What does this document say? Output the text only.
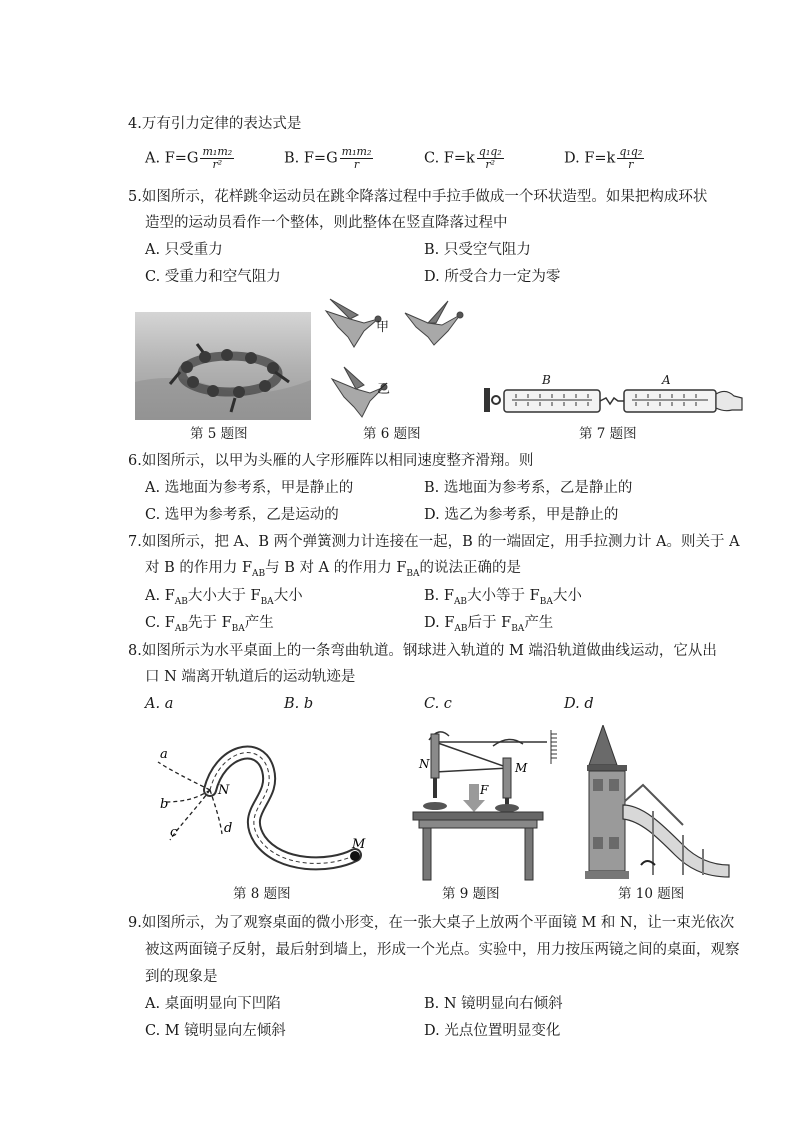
4.万有引力定律的表达式是
A. $F=G \frac{\text{m₁m₂}}{\text{r²}}$	B. $F=G \frac{\text{m₁m₂}}{r}$	C. $F=k \frac{\text{q₁q₂}}{\text{r²}}$	D. $F=k \frac{\text{q₁q₂}}{r}$
5.如图所示，花样跳伞运动员在跳伞降落过程中手拉手做成一个环状造型。如果把构成环状
造型的运动员看作一个整体，则此整体在竖直降落过程中
A. 只受重力	B. 只受空气阻力
C. 受重力和空气阻力	D. 所受合力一定为零
甲
乙
B	A
第 5 题图	第 6 题图	第 7 题图
6.如图所示，以甲为头雁的人字形雁阵以相同速度整齐滑翔。则
A. 选地面为参考系，甲是静止的	B. 选地面为参考系，乙是静止的
C. 选甲为参考系，乙是运动的	D. 选乙为参考系，甲是静止的
7.如图所示，把 A、B 两个弹簧测力计连接在一起，B 的一端固定，用手拉测力计 A。则关于 A
对 B 的作用力 $F_{AB}$与 B 对 A 的作用力 $F_{BA}$的说法正确的是
A. $F_{AB}$大小大于 $F_{BA}$大小	B. $F_{AB}$大小等于 $F_{BA}$大小
C. $F_{AB}$先于 $F_{BA}$产生	D. $F_{AB}$后于 $F_{BA}$产生
8.如图所示为水平桌面上的一条弯曲轨道。钢球进入轨道的 M 端沿轨道做曲线运动，它从出
口 N 端离开轨道后的运动轨迹是
A. a	B. b	C. c	D. d
a
b
c	d
N
M
N	M
F
第 8 题图	第 9 题图	第 10 题图
9.如图所示，为了观察桌面的微小形变，在一张大桌子上放两个平面镜 M 和 N，让一束光依次
被这两面镜子反射，最后射到墙上，形成一个光点。实验中，用力按压两镜之间的桌面，观察
到的现象是
A. 桌面明显向下凹陷	B. N 镜明显向右倾斜
C. M 镜明显向左倾斜	D. 光点位置明显变化
